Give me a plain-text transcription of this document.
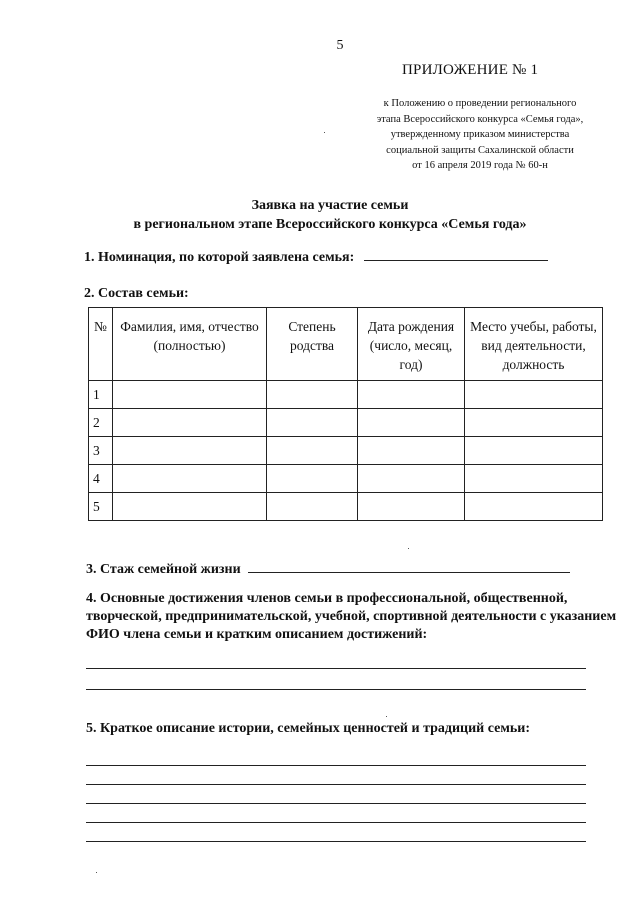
5
ПРИЛОЖЕНИЕ № 1
к Положению о проведении регионального
этапа Всероссийского конкурса «Семья года»,
утвержденному приказом министерства
социальной защиты Сахалинской области
от 16 апреля 2019 года № 60-н
Заявка на участие семьи
в региональном этапе Всероссийского конкурса «Семья года»
1. Номинация, по которой заявлена семья:
2. Состав семьи:
№	Фамилия, имя, отчество (полностью)	Степень родства	Дата рождения (число, месяц, год)	Место учебы, работы, вид деятельности, должность
1				
2				
3				
4				
5				
3. Стаж семейной жизни
4. Основные достижения членов семьи в профессиональной, общественной, творческой, предпринимательской, учебной, спортивной деятельности с указанием ФИО члена семьи и кратким описанием достижений:
5. Краткое описание истории, семейных ценностей и традиций семьи:
